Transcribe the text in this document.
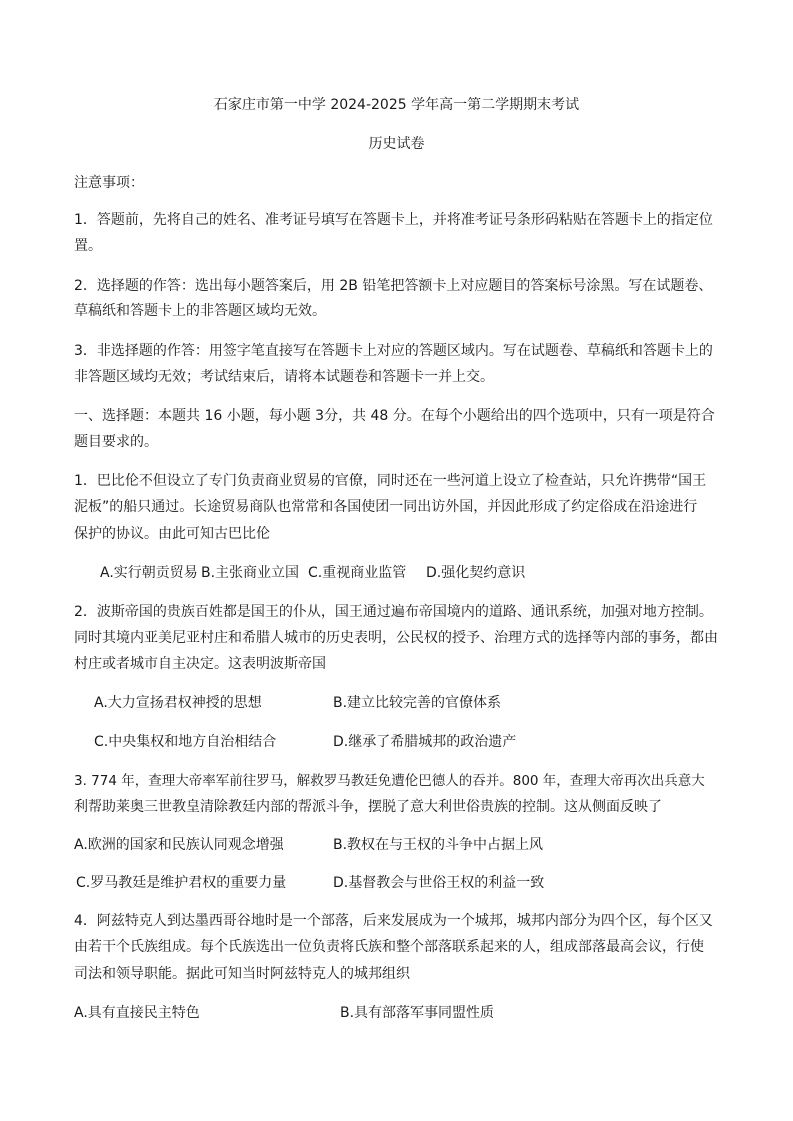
石家庄市第一中学 2024-2025 学年高一第二学期期末考试
历史试卷
注意事项：
1．答题前，先将自己的姓名、准考证号填写在答题卡上，并将准考证号条形码粘贴在答题卡上的指定位
置。
2．选择题的作答：选出每小题答案后，用 2B 铅笔把答额卡上对应题目的答案标号涂黑。写在试题卷、
草稿纸和答题卡上的非答题区域均无效。
3．非选择题的作答：用签字笔直接写在答题卡上对应的答题区域内。写在试题卷、草稿纸和答题卡上的
非答题区域均无效；考试结束后，请将本试题卷和答题卡一并上交。
一、选择题：本题共 16 小题，每小题 3分，共 48 分。在每个小题给出的四个选项中，只有一项是符合
题目要求的。
1．巴比伦不但设立了专门负责商业贸易的官僚，同时还在一些河道上设立了检查站，只允许携带“国王
泥板”的船只通过。长途贸易商队也常常和各国使团一同出访外国，并因此形成了约定俗成在沿途进行
保护的协议。由此可知古巴比伦
A.实行朝贡贸易 B.主张商业立国 C.重视商业监管 D.强化契约意识
2．波斯帝国的贵族百姓都是国王的仆从，国王通过遍布帝国境内的道路、通讯系统，加强对地方控制。
同时其境内亚美尼亚村庄和希腊人城市的历史表明，公民权的授予、治理方式的选择等内部的事务，都由
村庄或者城市自主决定。这表明波斯帝国
A.大力宣扬君权神授的思想	B.建立比较完善的官僚体系
C.中央集权和地方自治相结合	D.继承了希腊城邦的政治遗产
3. 774 年，查理大帝率军前往罗马，解救罗马教廷免遭伦巴德人的吞并。800 年，查理大帝再次出兵意大
利帮助莱奥三世教皇清除教廷内部的帮派斗争，摆脱了意大利世俗贵族的控制。这从侧面反映了
A.欧洲的国家和民族认同观念增强	B.教权在与王权的斗争中占据上风
C.罗马教廷是维护君权的重要力量	D.基督教会与世俗王权的利益一致
4．阿兹特克人到达墨西哥谷地时是一个部落，后来发展成为一个城邦，城邦内部分为四个区，每个区又
由若干个氏族组成。每个氏族选出一位负责将氏族和整个部落联系起来的人，组成部落最高会议，行使
司法和领导职能。据此可知当时阿兹特克人的城邦组织
A.具有直接民主特色	B.具有部落军事同盟性质
